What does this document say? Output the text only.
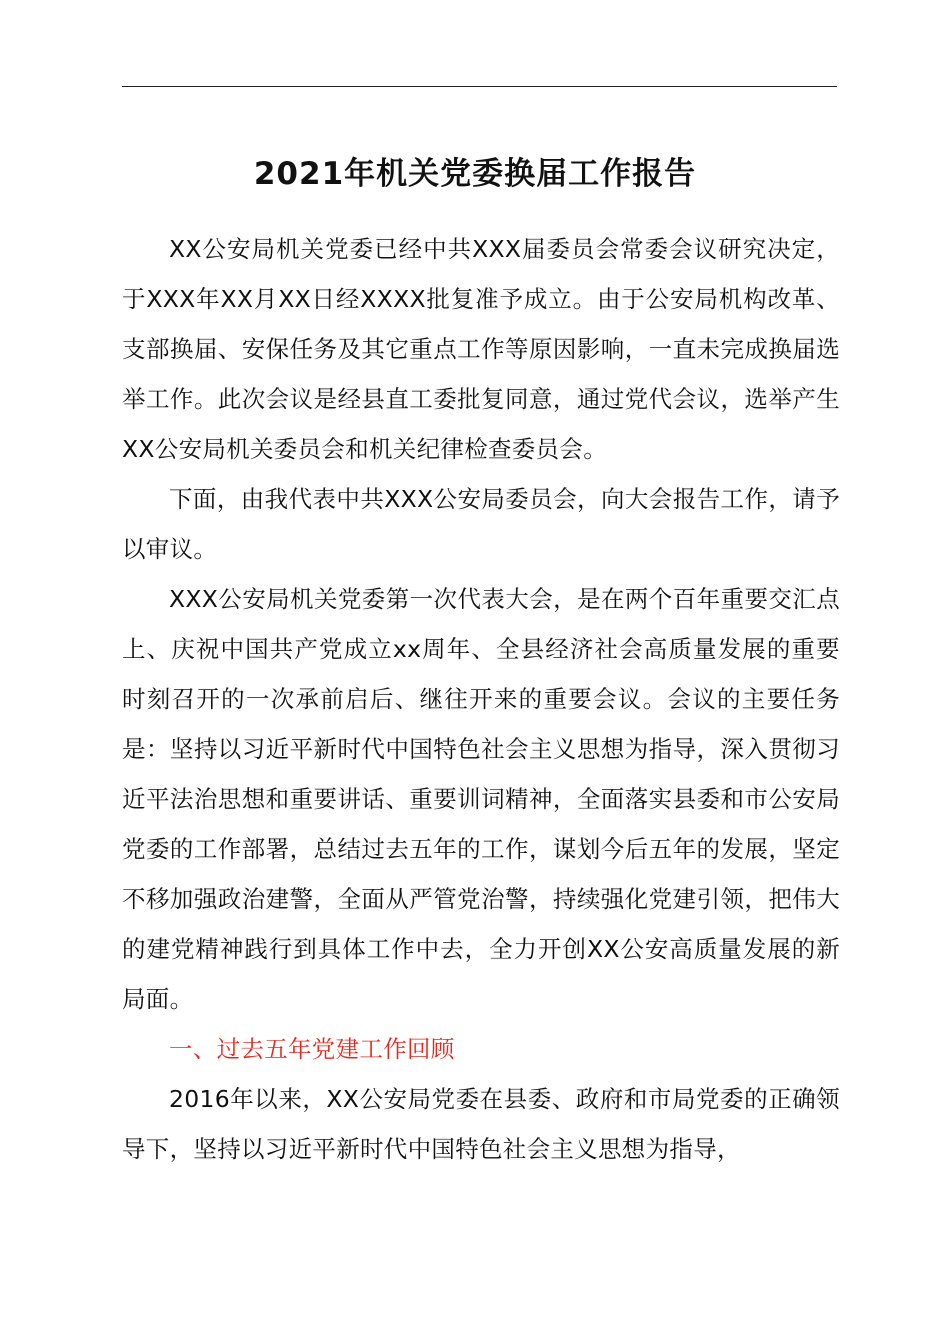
2021年机关党委换届工作报告

XX公安局机关党委已经中共XXX届委员会常委会议研究决定，于XXX年XX月XX日经XXXX批复准予成立。由于公安局机构改革、支部换届、安保任务及其它重点工作等原因影响，一直未完成换届选举工作。此次会议是经县直工委批复同意，通过党代会议，选举产生XX公安局机关委员会和机关纪律检查委员会。

下面，由我代表中共XXX公安局委员会，向大会报告工作，请予以审议。

XXX公安局机关党委第一次代表大会，是在两个百年重要交汇点上、庆祝中国共产党成立xx周年、全县经济社会高质量发展的重要时刻召开的一次承前启后、继往开来的重要会议。会议的主要任务是：坚持以习近平新时代中国特色社会主义思想为指导，深入贯彻习近平法治思想和重要讲话、重要训词精神，全面落实县委和市公安局党委的工作部署，总结过去五年的工作，谋划今后五年的发展，坚定不移加强政治建警，全面从严管党治警，持续强化党建引领，把伟大的建党精神践行到具体工作中去，全力开创XX公安高质量发展的新局面。

一、过去五年党建工作回顾

2016年以来，XX公安局党委在县委、政府和市局党委的正确领导下，坚持以习近平新时代中国特色社会主义思想为指导，
